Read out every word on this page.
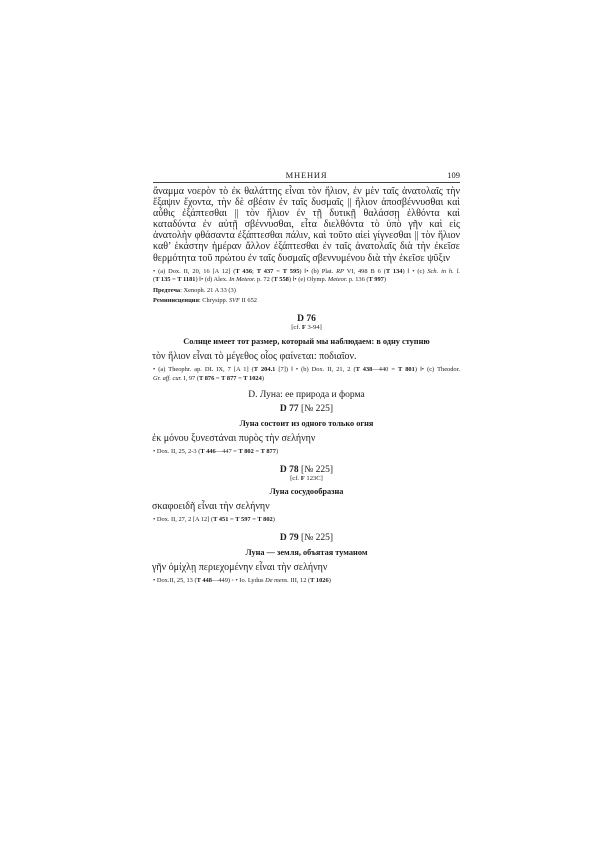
МНЕНИЯ	109

ἄναμμα νοερὸν τὸ ἐκ θαλάττης εἶναι τὸν ἥλιον, ἐν μὲν ταῖς ἀνατολαῖς τὴν

ἔξαψιν ἔχοντα, τὴν δὲ σβέσιν ἐν ταῖς δυσμαῖς || ἥλιον ἀποσβέννυσθαι καὶ

αὖθις ἐξάπτεσθαι || τὸν ἥλιον ἐν τῇ δυτικῇ θαλάσσῃ ἐλθόντα καὶ

καταδύντα ἐν αὐτῇ σβέννυσθαι, εἶτα διελθόντα τὸ ὑπὸ γῆν καὶ εἰς

ἀνατολὴν φθάσαντα ἐξάπτεσθαι πάλιν, καὶ τοῦτο αἰεὶ γίγνεσθαι || τὸν ἥλιον

καθ’ ἑκάστην ἡμέραν ἄλλον ἐξάπτεσθαι ἐν ταῖς ἀνατολαῖς διὰ τὴν ἐκεῖσε

θερμότητα τοῦ πρώτου ἐν ταῖς δυσμαῖς σβεννυμένου διὰ τὴν ἐκεῖσε ψῦξιν

• (a) Dox. II, 20, 16 [A 12] (T 436; T 437 = T 595) ‖• (b) Plat. RP VI, 498 B 6 (T 134) ‖ • (c) Sch. in h. l.

(T 135 = T 1181) ‖• (d) Alex. In Meteor. p. 72 (T 558) ‖• (e) Olymp. Meteor. p. 136 (T 997)

Предтеча: Xenoph. 21 A 33 (3)

Реминисценция: Chrysipp. SVF II 652

D 76
[cf. F 3-94]
Солнце имеет тот размер, который мы наблюдаем: в одну ступню
τὸν ἥλιον εἶναι τὸ μέγεθος οἷος φαίνεται: ποδιαῖον.

• (a) Theophr. ap. DL IX, 7 [A 1] (T 204.1 [7]) ‖ • (b) Dox. II, 21, 2 (T 438—440 = T 801) ‖• (c) Theodor.

Gr. aff. cur. I, 97 (T 876 = T 877 = T 1024)

D. Луна: ее природа и форма
D 77 [№ 225]
Луна состоит из одного только огня
ἐκ μόνου ξυνεστάναι πυρὸς τὴν σελήνην

• Dox. II, 25, 2-3 (T 446—447 = T 802 = T 877)

D 78 [№ 225]
[cf. F 123C]
Луна сосудообразна
σκαφοειδῆ εἶναι τὴν σελήνην

• Dox. II, 27, 2 [A 12] (T 451 = T 597 = T 802)

D 79 [№ 225]
Луна — земля, объятая туманом
γῆν ὀμίχλῃ περιεχομένην εἶναι τὴν σελήνην

• Dox.II, 25, 13 (T 448—449) ◦ • Io. Lydus De mens. III, 12 (T 1026)
